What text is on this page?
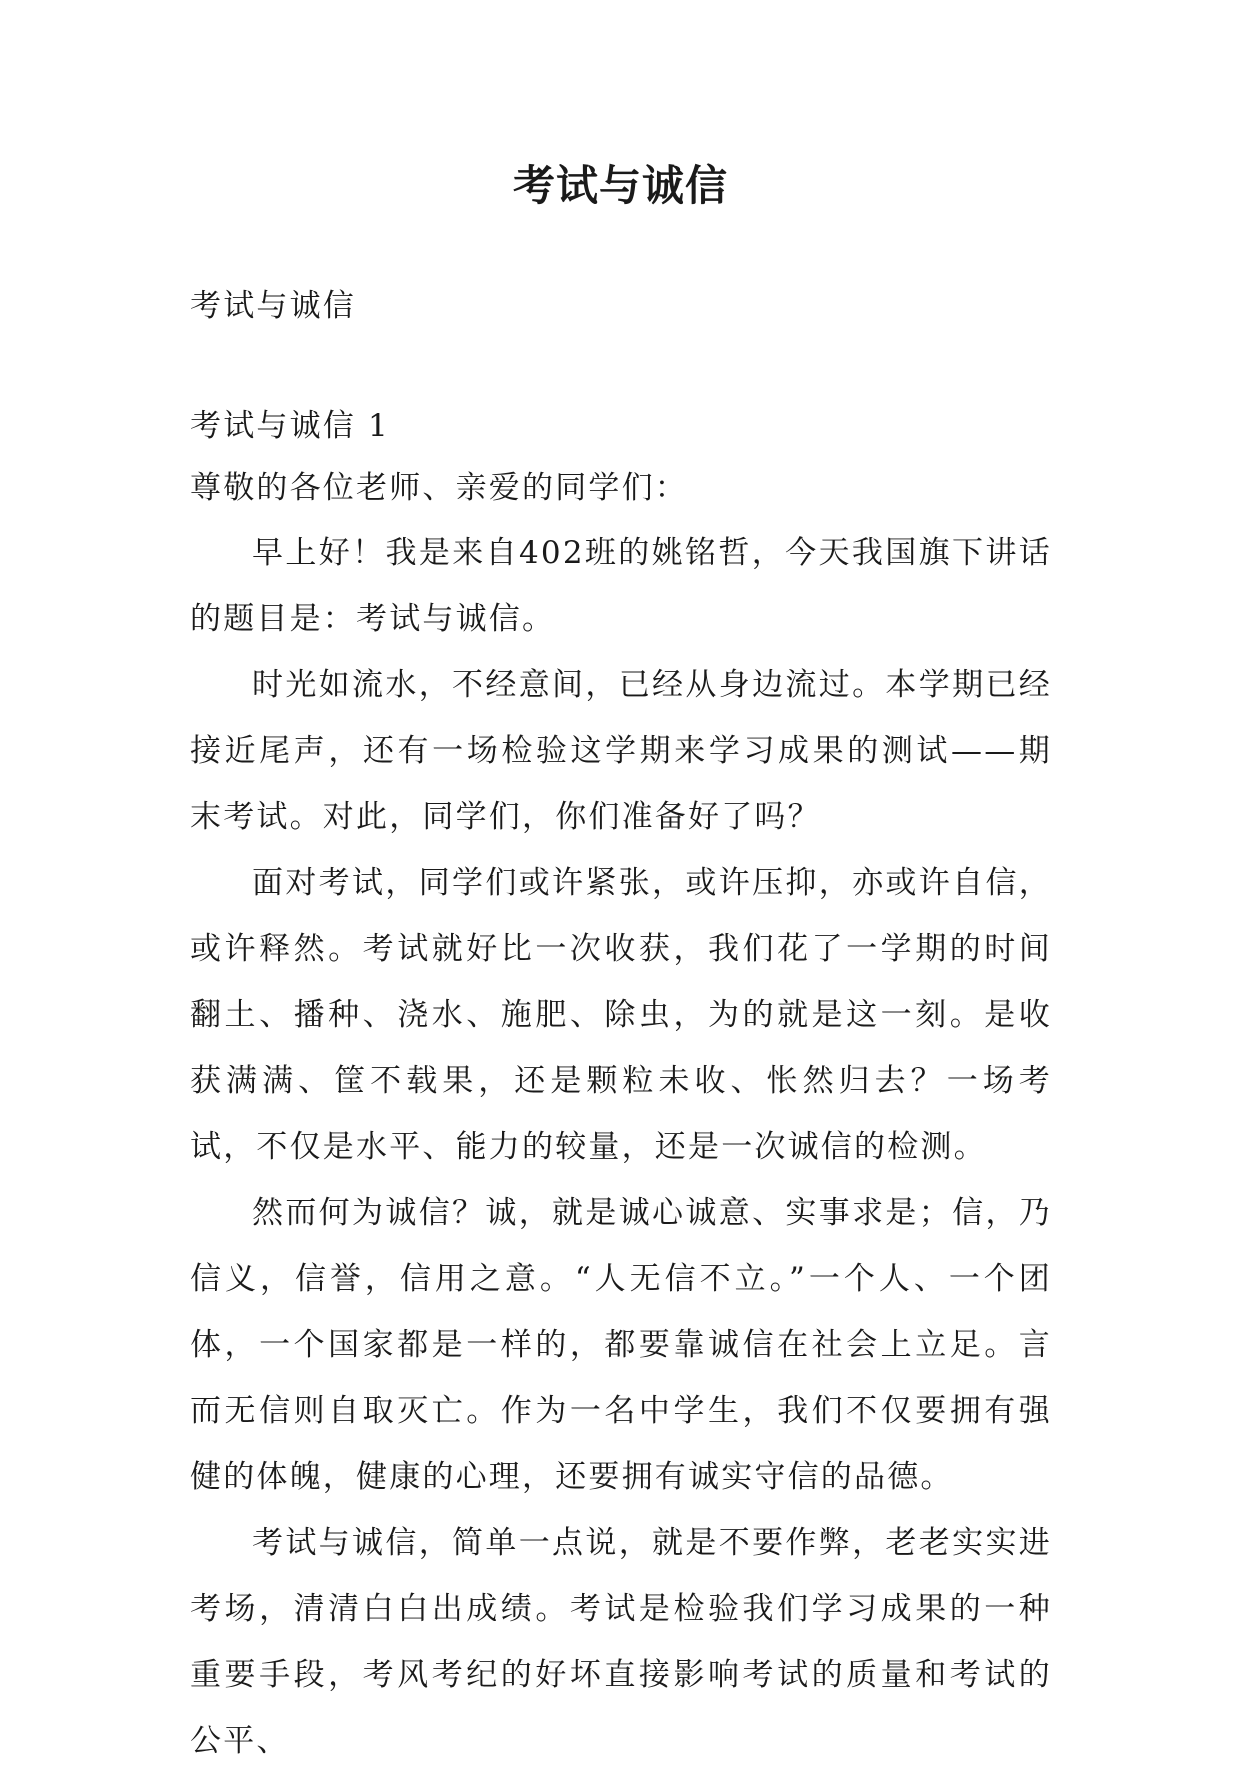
考试与诚信
考试与诚信
考试与诚信 1
尊敬的各位老师、亲爱的同学们：

早上好！我是来自402班的姚铭哲，今天我国旗下讲话的题目是：考试与诚信。

时光如流水，不经意间，已经从身边流过。本学期已经接近尾声，还有一场检验这学期来学习成果的测试——期末考试。对此，同学们，你们准备好了吗？

面对考试，同学们或许紧张，或许压抑，亦或许自信，或许释然。考试就好比一次收获，我们花了一学期的时间翻土、播种、浇水、施肥、除虫，为的就是这一刻。是收获满满、筐不载果，还是颗粒未收、怅然归去？一场考试，不仅是水平、能力的较量，还是一次诚信的检测。

然而何为诚信？诚，就是诚心诚意、实事求是；信，乃信义，信誉，信用之意。“人无信不立。”一个人、一个团体，一个国家都是一样的，都要靠诚信在社会上立足。言而无信则自取灭亡。作为一名中学生，我们不仅要拥有强健的体魄，健康的心理，还要拥有诚实守信的品德。

考试与诚信，简单一点说，就是不要作弊，老老实实进考场，清清白白出成绩。考试是检验我们学习成果的一种重要手段，考风考纪的好坏直接影响考试的质量和考试的公平、
